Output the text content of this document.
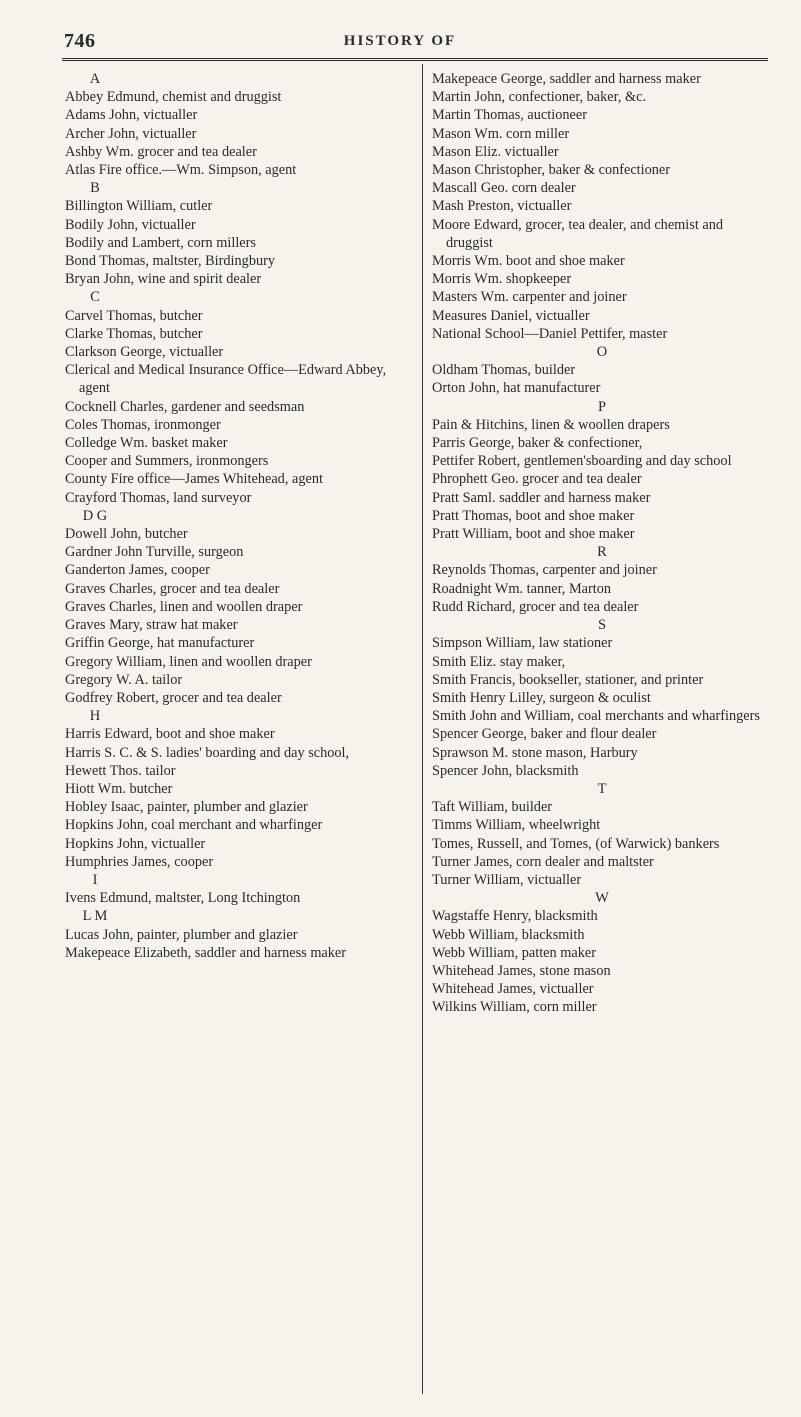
746	HISTORY OF
A
Abbey Edmund, chemist and druggist
Adams John, victualler
Archer John, victualler
Ashby Wm. grocer and tea dealer
Atlas Fire office.—Wm. Simpson, agent
B
Billington William, cutler
Bodily John, victualler
Bodily and Lambert, corn millers
Bond Thomas, maltster, Birdingbury
Bryan John, wine and spirit dealer
C
Carvel Thomas, butcher
Clarke Thomas, butcher
Clarkson George, victualler
Clerical and Medical Insurance Office—Edward Abbey, agent
Cocknell Charles, gardener and seedsman
Coles Thomas, ironmonger
Colledge Wm. basket maker
Cooper and Summers, ironmongers
County Fire office—James Whitehead, agent
Crayford Thomas, land surveyor
D G
Dowell John, butcher
Gardner John Turville, surgeon
Ganderton James, cooper
Graves Charles, grocer and tea dealer
Graves Charles, linen and woollen draper
Graves Mary, straw hat maker
Griffin George, hat manufacturer
Gregory William, linen and woollen draper
Gregory W. A. tailor
Godfrey Robert, grocer and tea dealer
H
Harris Edward, boot and shoe maker
Harris S. C. & S. ladies' boarding and day school,
Hewett Thos. tailor
Hiott Wm. butcher
Hobley Isaac, painter, plumber and glazier
Hopkins John, coal merchant and wharfinger
Hopkins John, victualler
Humphries James, cooper
I
Ivens Edmund, maltster, Long Itchington
L M
Lucas John, painter, plumber and glazier
Makepeace Elizabeth, saddler and harness maker
Makepeace George, saddler and harness maker
Martin John, confectioner, baker, &c.
Martin Thomas, auctioneer
Mason Wm. corn miller
Mason Eliz. victualler
Mason Christopher, baker & confectioner
Mascall Geo. corn dealer
Mash Preston, victualler
Moore Edward, grocer, tea dealer, and chemist and druggist
Morris Wm. boot and shoe maker
Morris Wm. shopkeeper
Masters Wm. carpenter and joiner
Measures Daniel, victualler
National School—Daniel Pettifer, master
O
Oldham Thomas, builder
Orton John, hat manufacturer
P
Pain & Hitchins, linen & woollen drapers
Parris George, baker & confectioner,
Pettifer Robert, gentlemen'sboarding and day school
Phrophett Geo. grocer and tea dealer
Pratt Saml. saddler and harness maker
Pratt Thomas, boot and shoe maker
Pratt William, boot and shoe maker
R
Reynolds Thomas, carpenter and joiner
Roadnight Wm. tanner, Marton
Rudd Richard, grocer and tea dealer
S
Simpson William, law stationer
Smith Eliz. stay maker,
Smith Francis, bookseller, stationer, and printer
Smith Henry Lilley, surgeon & oculist
Smith John and William, coal merchants and wharfingers
Spencer George, baker and flour dealer
Sprawson M. stone mason, Harbury
Spencer John, blacksmith
T
Taft William, builder
Timms William, wheelwright
Tomes, Russell, and Tomes, (of Warwick) bankers
Turner James, corn dealer and maltster
Turner William, victualler
W
Wagstaffe Henry, blacksmith
Webb William, blacksmith
Webb William, patten maker
Whitehead James, stone mason
Whitehead James, victualler
Wilkins William, corn miller
